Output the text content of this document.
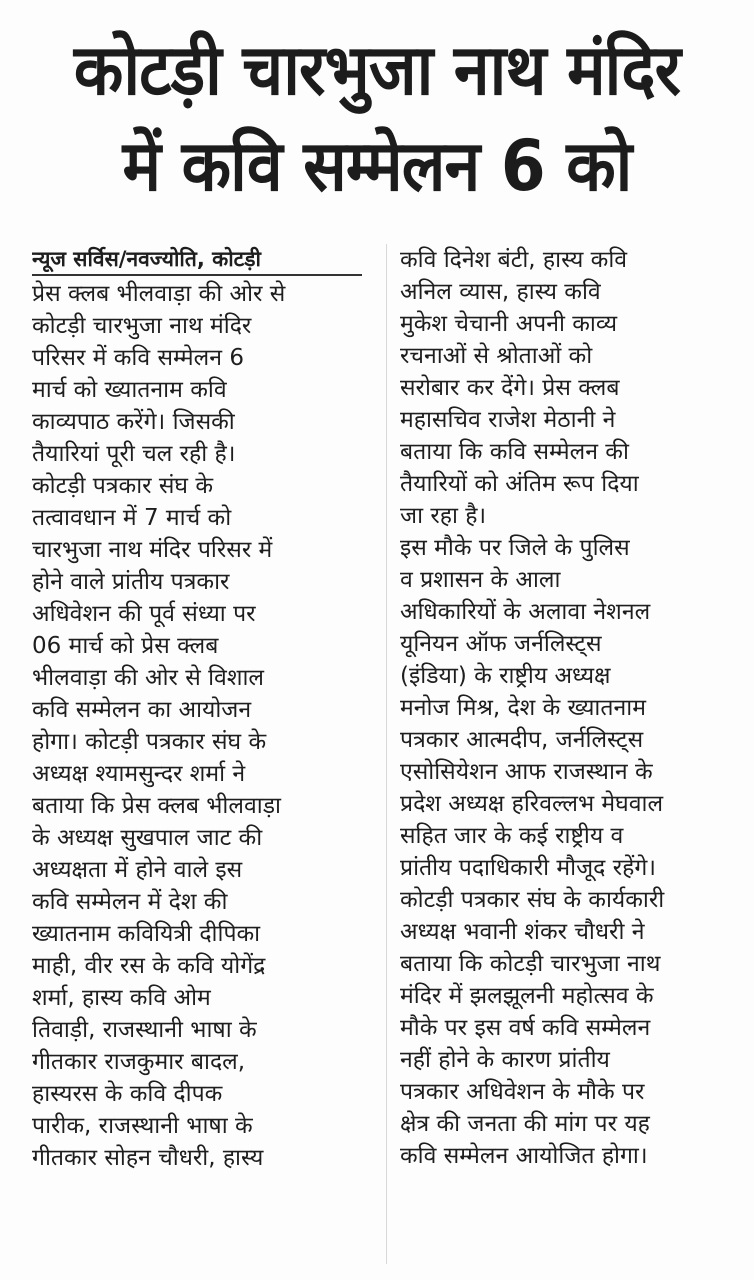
कोटड़ी चारभुजा नाथ मंदिर
में कवि सम्मेलन 6 को
न्यूज सर्विस/नवज्योति, कोटड़ी
प्रेस क्लब भीलवाड़ा की ओर से
कोटड़ी चारभुजा नाथ मंदिर
परिसर में कवि सम्मेलन 6
मार्च को ख्यातनाम कवि
काव्यपाठ करेंगे। जिसकी
तैयारियां पूरी चल रही है।
कोटड़ी पत्रकार संघ के
तत्वावधान में 7 मार्च को
चारभुजा नाथ मंदिर परिसर में
होने वाले प्रांतीय पत्रकार
अधिवेशन की पूर्व संध्या पर
06 मार्च को प्रेस क्लब
भीलवाड़ा की ओर से विशाल
कवि सम्मेलन का आयोजन
होगा। कोटड़ी पत्रकार संघ के
अध्यक्ष श्यामसुन्दर शर्मा ने
बताया कि प्रेस क्लब भीलवाड़ा
के अध्यक्ष सुखपाल जाट की
अध्यक्षता में होने वाले इस
कवि सम्मेलन में देश की
ख्यातनाम कवियित्री दीपिका
माही, वीर रस के कवि योगेंद्र
शर्मा, हास्य कवि ओम
तिवाड़ी, राजस्थानी भाषा के
गीतकार राजकुमार बादल,
हास्यरस के कवि दीपक
पारीक, राजस्थानी भाषा के
गीतकार सोहन चौधरी, हास्य
कवि दिनेश बंटी, हास्य कवि
अनिल व्यास, हास्य कवि
मुकेश चेचानी अपनी काव्य
रचनाओं से श्रोताओं को
सरोबार कर देंगे। प्रेस क्लब
महासचिव राजेश मेठानी ने
बताया कि कवि सम्मेलन की
तैयारियों को अंतिम रूप दिया
जा रहा है।
इस मौके पर जिले के पुलिस
व प्रशासन के आला
अधिकारियों के अलावा नेशनल
यूनियन ऑफ जर्नलिस्ट्स
(इंडिया) के राष्ट्रीय अध्यक्ष
मनोज मिश्र, देश के ख्यातनाम
पत्रकार आत्मदीप, जर्नलिस्ट्स
एसोसियेशन आफ राजस्थान के
प्रदेश अध्यक्ष हरिवल्लभ मेघवाल
सहित जार के कई राष्ट्रीय व
प्रांतीय पदाधिकारी मौजूद रहेंगे।
कोटड़ी पत्रकार संघ के कार्यकारी
अध्यक्ष भवानी शंकर चौधरी ने
बताया कि कोटड़ी चारभुजा नाथ
मंदिर में झलझूलनी महोत्सव के
मौके पर इस वर्ष कवि सम्मेलन
नहीं होने के कारण प्रांतीय
पत्रकार अधिवेशन के मौके पर
क्षेत्र की जनता की मांग पर यह
कवि सम्मेलन आयोजित होगा।
